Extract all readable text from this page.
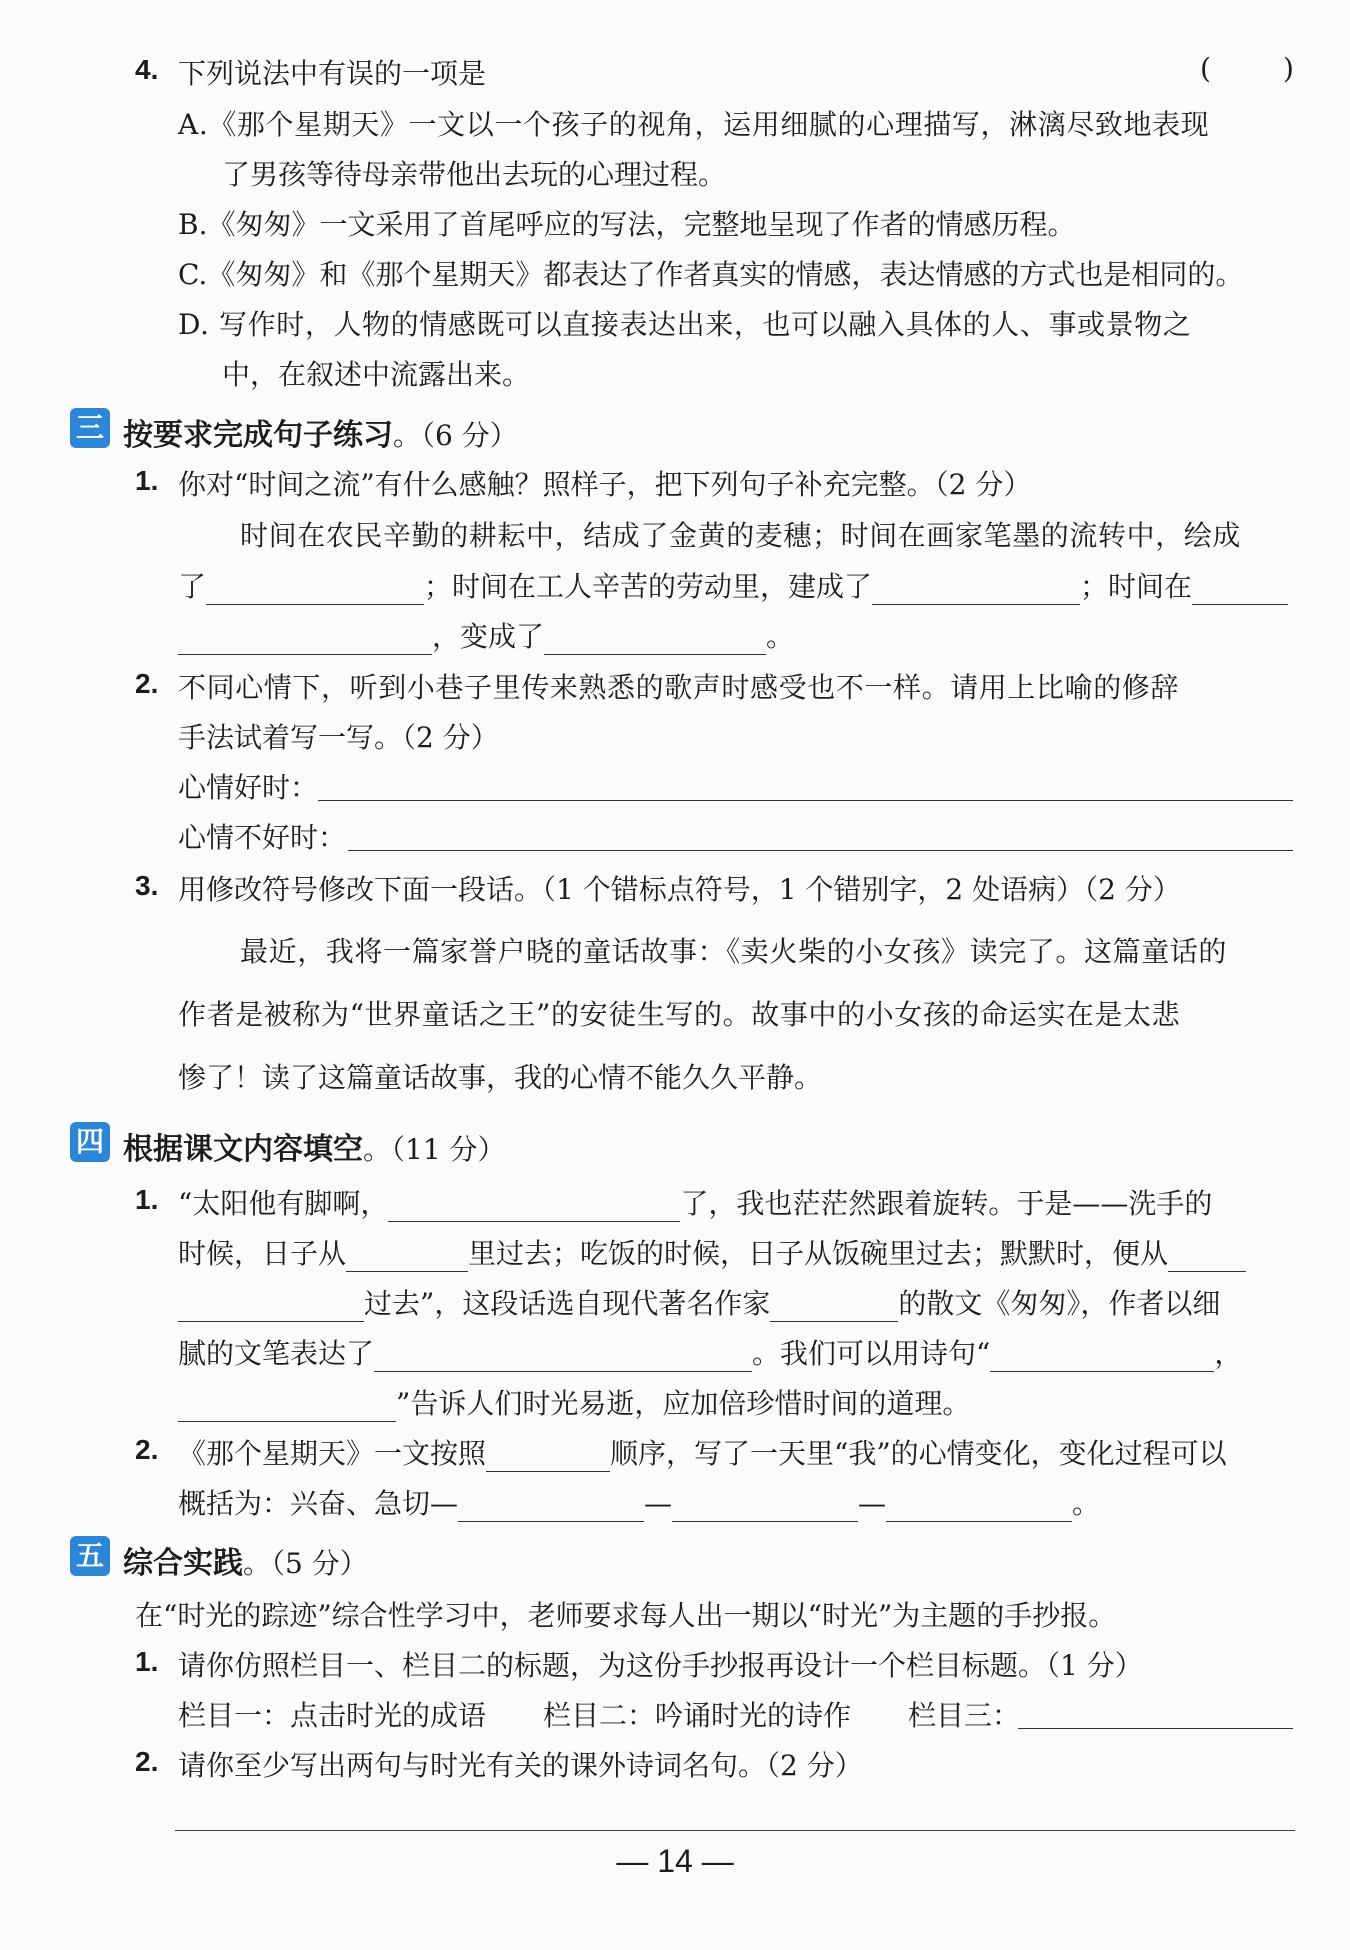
4. 下列说法中有误的一项是	(	)
A.《那个星期天》一文以一个孩子的视角，运用细腻的心理描写，淋漓尽致地表现
了男孩等待母亲带他出去玩的心理过程。
B.《匆匆》一文采用了首尾呼应的写法，完整地呈现了作者的情感历程。
C.《匆匆》和《那个星期天》都表达了作者真实的情感，表达情感的方式也是相同的。
D. 写作时，人物的情感既可以直接表达出来，也可以融入具体的人、事或景物之
中，在叙述中流露出来。
三 按要求完成句子练习。（6 分）
1. 你对“时间之流”有什么感触？照样子，把下列句子补充完整。（2 分）
时间在农民辛勤的耕耘中，结成了金黄的麦穗；时间在画家笔墨的流转中，绘成
了	；时间在工人辛苦的劳动里，建成了	；时间在
，变成了	。
2. 不同心情下，听到小巷子里传来熟悉的歌声时感受也不一样。请用上比喻的修辞
手法试着写一写。（2 分）
心情好时：
心情不好时：
3. 用修改符号修改下面一段话。（1 个错标点符号，1 个错别字，2 处语病）（2 分）
最近，我将一篇家誉户晓的童话故事：《卖火柴的小女孩》读完了。这篇童话的
作者是被称为“世界童话之王”的安徒生写的。故事中的小女孩的命运实在是太悲
惨了！读了这篇童话故事，我的心情不能久久平静。
四 根据课文内容填空。（11 分）
1. “太阳他有脚啊，	了，我也茫茫然跟着旋转。于是——洗手的
时候，日子从	里过去；吃饭的时候，日子从饭碗里过去；默默时，便从
过去”，这段话选自现代著名作家	的散文《匆匆》，作者以细
腻的文笔表达了	。我们可以用诗句“	，
”告诉人们时光易逝，应加倍珍惜时间的道理。
2. 《那个星期天》一文按照	顺序，写了一天里“我”的心情变化，变化过程可以
概括为：兴奋、急切—	—	—	。
五 综合实践。（5 分）
在“时光的踪迹”综合性学习中，老师要求每人出一期以“时光”为主题的手抄报。
1. 请你仿照栏目一、栏目二的标题，为这份手抄报再设计一个栏目标题。（1 分）
栏目一：点击时光的成语 栏目二：吟诵时光的诗作 栏目三：
2. 请你至少写出两句与时光有关的课外诗词名句。（2 分）
— 14 —
